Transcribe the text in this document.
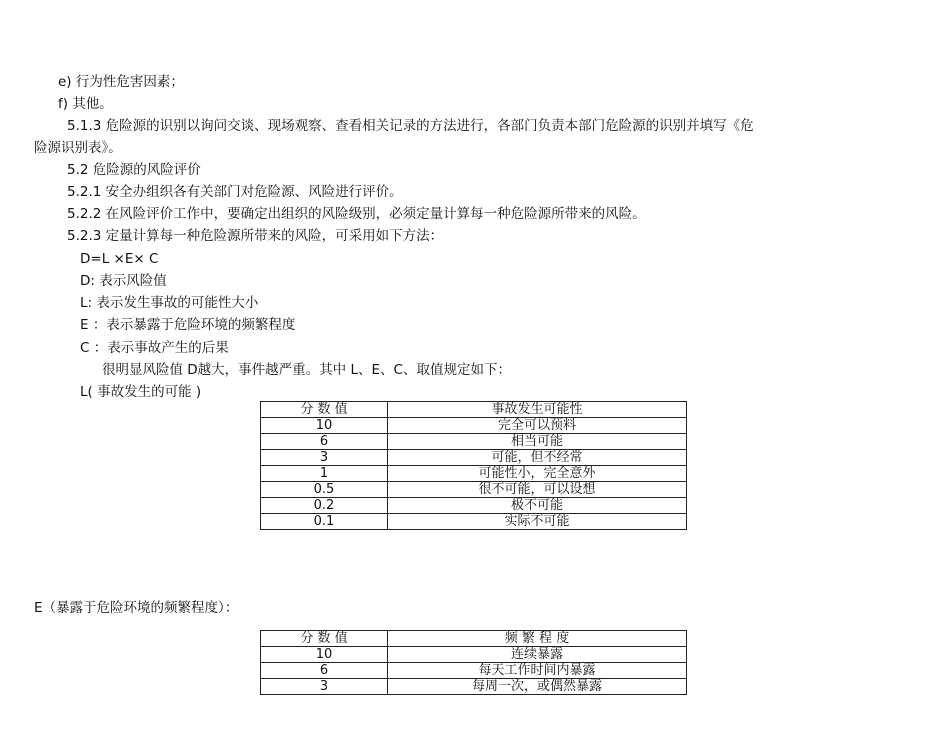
e) 行为性危害因素；
f) 其他。
5.1.3 危险源的识别以询问交谈、现场观察、查看相关记录的方法进行，各部门负责本部门危险源的识别并填写《危
险源识别表》。
5.2 危险源的风险评价
5.2.1 安全办组织各有关部门对危险源、风险进行评价。
5.2.2 在风险评价工作中，要确定出组织的风险级别，必须定量计算每一种危险源所带来的风险。
5.2.3 定量计算每一种危险源所带来的风险，可采用如下方法：
D=L ×E× C
D: 表示风险值
L: 表示发生事故的可能性大小
E ：表示暴露于危险环境的频繁程度
C ：表示事故产生的后果
很明显风险值 D越大，事件越严重。其中 L、E、C、取值规定如下：
L( 事故发生的可能 )
分 数 值	事故发生可能性
10	完全可以预料
6	相当可能
3	可能，但不经常
1	可能性小，完全意外
0.5	很不可能，可以设想
0.2	极不可能
0.1	实际不可能
E（暴露于危险环境的频繁程度）：
分 数 值	频 繁 程 度
10	连续暴露
6	每天工作时间内暴露
3	每周一次，或偶然暴露
